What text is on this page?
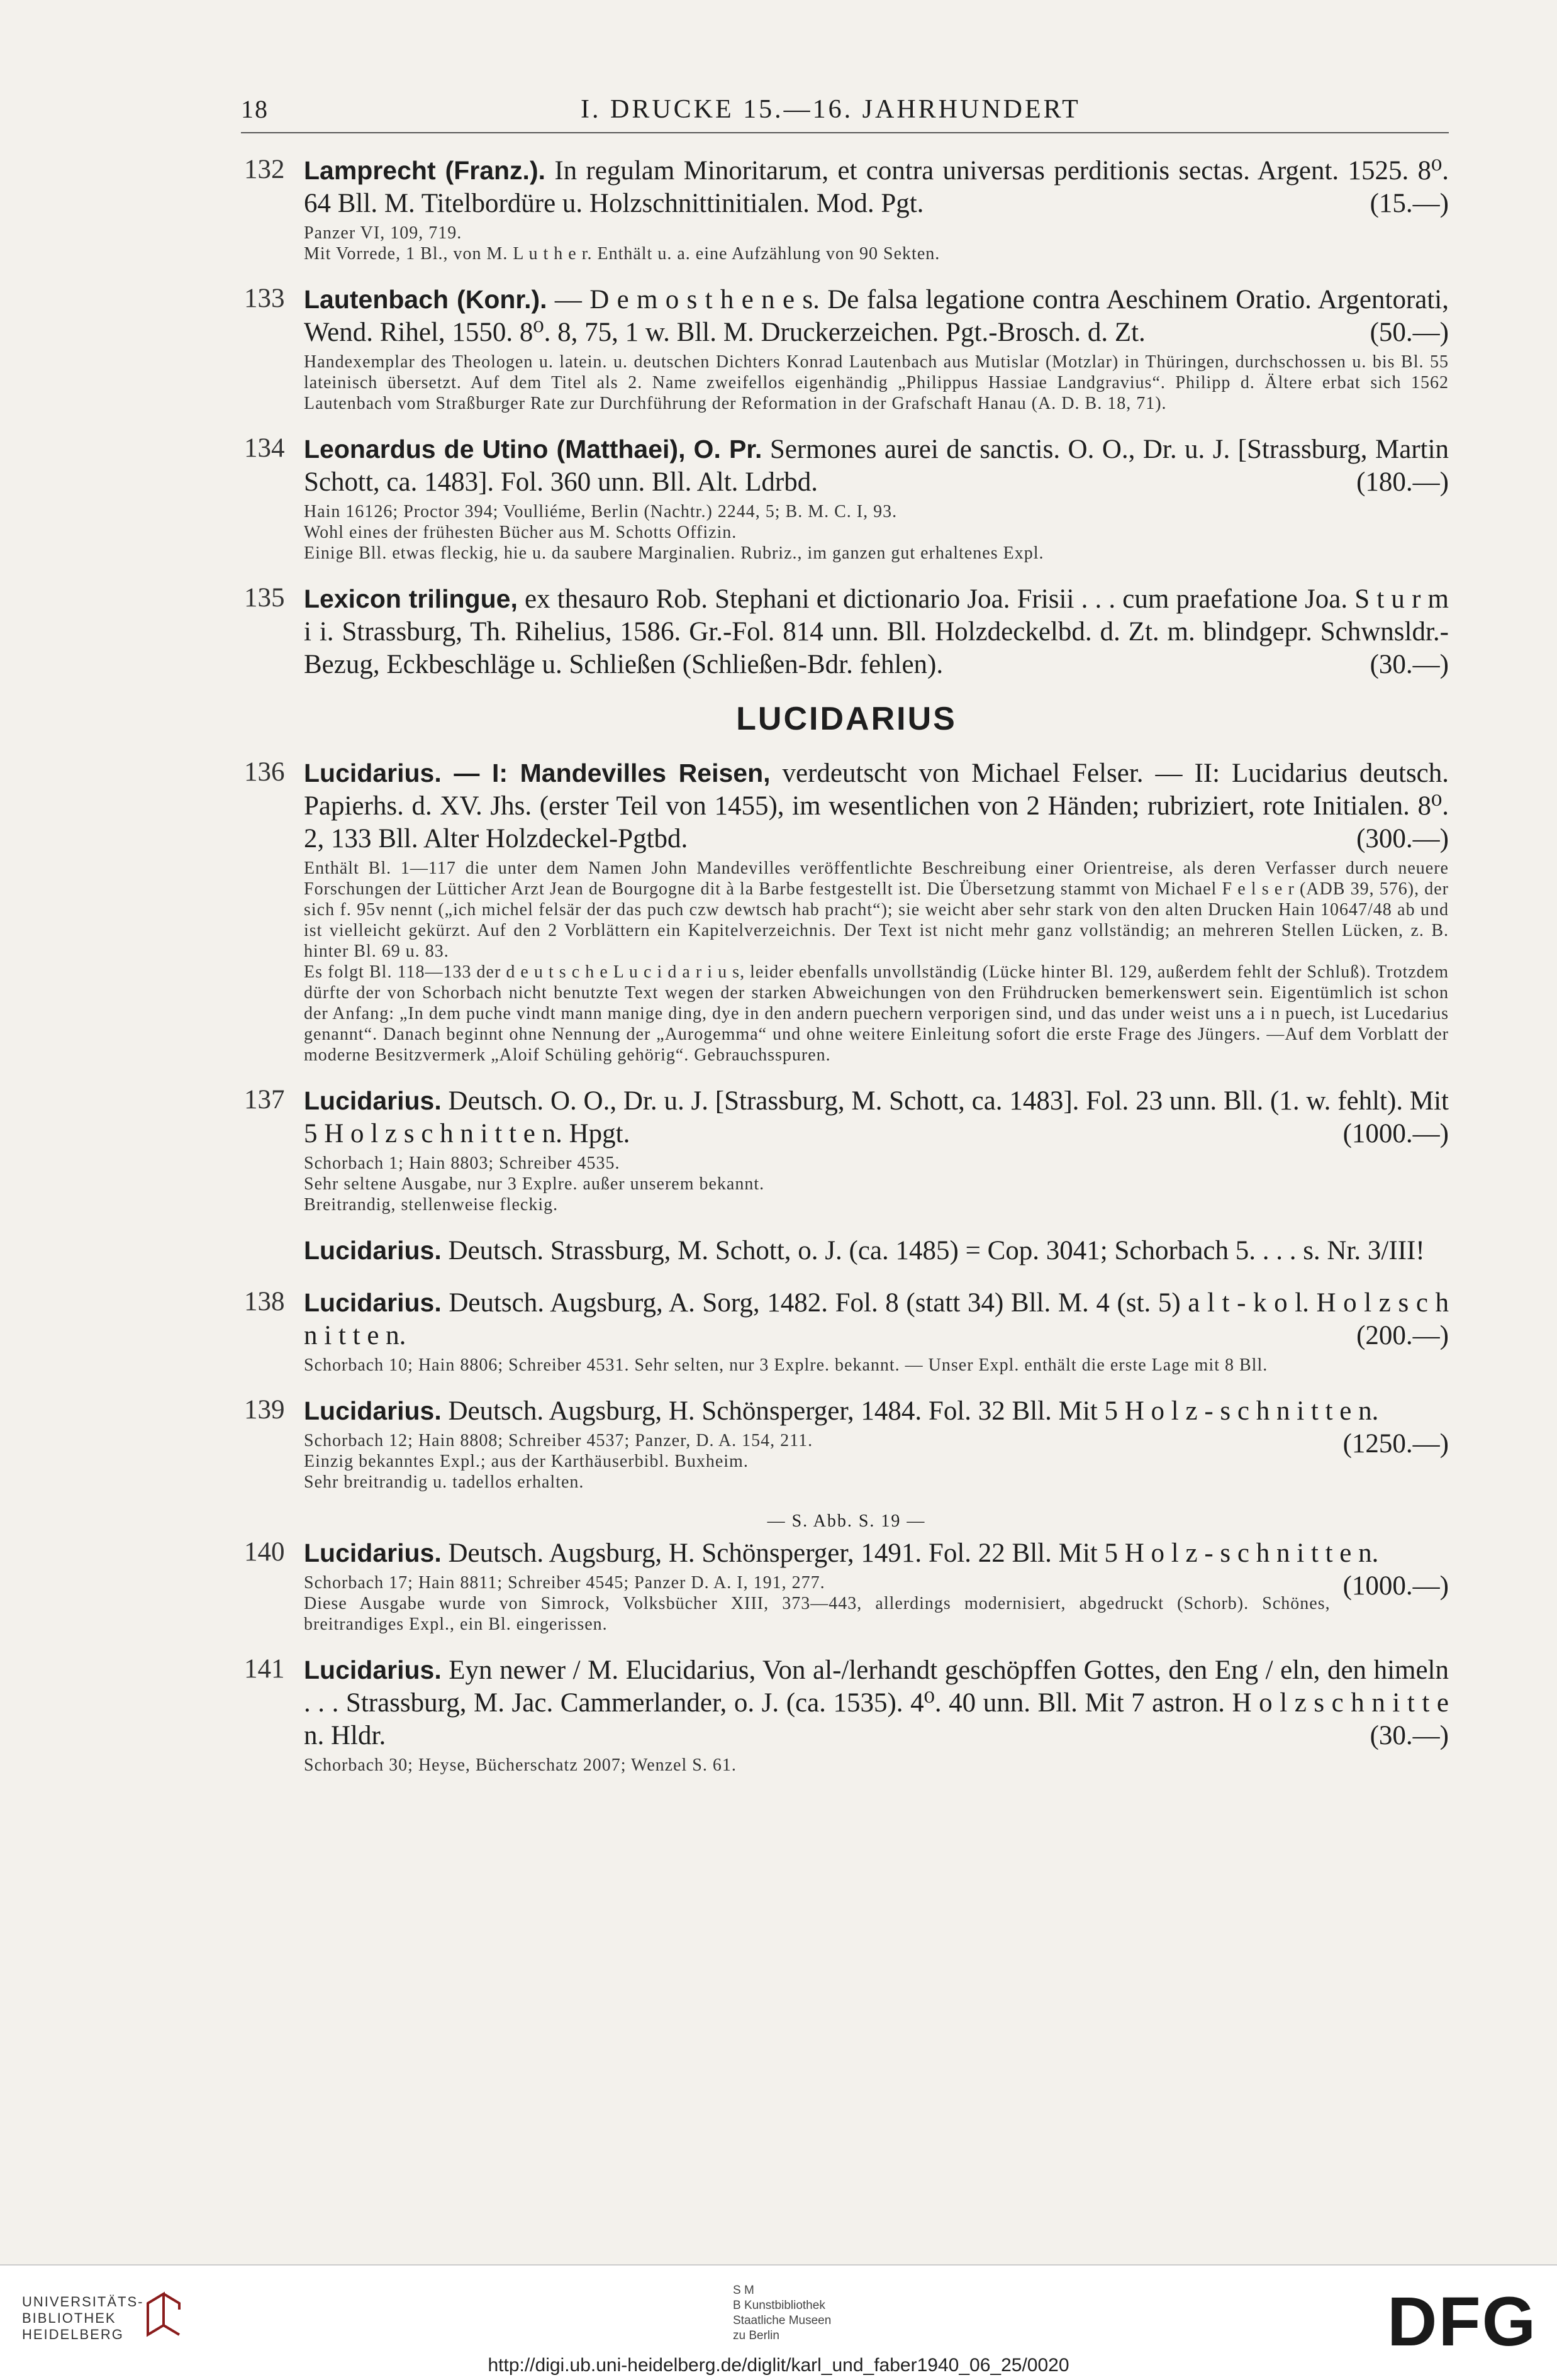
18	I. DRUCKE 15.—16. JAHRHUNDERT
132 Lamprecht (Franz.). In regulam Minoritarum, et contra universas perditionis sectas. Argent. 1525. 8⁰. 64 Bll. M. Titelbordüre u. Holzschnittinitialen. Mod. Pgt.	(15.—)
Panzer VI, 109, 719.
Mit Vorrede, 1 Bl., von M. L u t h e r. Enthält u. a. eine Aufzählung von 90 Sekten.
133 Lautenbach (Konr.). — D e m o s t h e n e s. De falsa legatione contra Aeschinem Oratio. Argentorati, Wend. Rihel, 1550. 8⁰. 8, 75, 1 w. Bll. M. Druckerzeichen. Pgt.-Brosch. d. Zt.	(50.—)
Handexemplar des Theologen u. latein. u. deutschen Dichters Konrad Lautenbach aus Mutislar (Motzlar) in Thüringen, durchschossen u. bis Bl. 55 lateinisch übersetzt. Auf dem Titel als 2. Name zweifellos eigenhändig „Philippus Hassiae Landgravius“. Philipp d. Ältere erbat sich 1562 Lautenbach vom Straßburger Rate zur Durchführung der Reformation in der Grafschaft Hanau (A. D. B. 18, 71).
134 Leonardus de Utino (Matthaei), O. Pr. Sermones aurei de sanctis. O. O., Dr. u. J. [Strassburg, Martin Schott, ca. 1483]. Fol. 360 unn. Bll. Alt. Ldrbd.	(180.—)
Hain 16126; Proctor 394; Voulliéme, Berlin (Nachtr.) 2244, 5; B. M. C. I, 93.
Wohl eines der frühesten Bücher aus M. Schotts Offizin.
Einige Bll. etwas fleckig, hie u. da saubere Marginalien. Rubriz., im ganzen gut erhaltenes Expl.
135 Lexicon trilingue, ex thesauro Rob. Stephani et dictionario Joa. Frisii . . . cum praefatione Joa. S t u r m i i. Strassburg, Th. Rihelius, 1586. Gr.-Fol. 814 unn. Bll. Holzdeckelbd. d. Zt. m. blindgepr. Schwnsldr.-Bezug, Eckbeschläge u. Schließen (Schließen-Bdr. fehlen).	(30.—)
LUCIDARIUS
136 Lucidarius. — I: Mandevilles Reisen, verdeutscht von Michael Felser. — II: Lucidarius deutsch. Papierhs. d. XV. Jhs. (erster Teil von 1455), im wesentlichen von 2 Händen; rubriziert, rote Initialen. 8⁰. 2, 133 Bll. Alter Holzdeckel-Pgtbd.	(300.—)
Enthält Bl. 1—117 die unter dem Namen John Mandevilles veröffentlichte Beschreibung einer Orientreise, als deren Verfasser durch neuere Forschungen der Lütticher Arzt Jean de Bourgogne dit à la Barbe festgestellt ist. Die Übersetzung stammt von Michael F e l s e r (ADB 39, 576), der sich f. 95v nennt („ich michel felsär der das puch czw dewtsch hab pracht“); sie weicht aber sehr stark von den alten Drucken Hain 10647/48 ab und ist vielleicht gekürzt. Auf den 2 Vorblättern ein Kapitelverzeichnis. Der Text ist nicht mehr ganz vollständig; an mehreren Stellen Lücken, z. B. hinter Bl. 69 u. 83.
Es folgt Bl. 118—133 der d e u t s c h e L u c i d a r i u s, leider ebenfalls unvollständig (Lücke hinter Bl. 129, außerdem fehlt der Schluß). Trotzdem dürfte der von Schorbach nicht benutzte Text wegen der starken Abweichungen von den Frühdrucken bemerkenswert sein. Eigentümlich ist schon der Anfang: „In dem puche vindt mann manige ding, dye in den andern puechern verporigen sind, und das under weist uns a i n puech, ist Lucedarius genannt“. Danach beginnt ohne Nennung der „Aurogemma“ und ohne weitere Einleitung sofort die erste Frage des Jüngers. —Auf dem Vorblatt der moderne Besitzvermerk „Aloif Schüling gehörig“. Gebrauchsspuren.
137 Lucidarius. Deutsch. O. O., Dr. u. J. [Strassburg, M. Schott, ca. 1483]. Fol. 23 unn. Bll. (1. w. fehlt). Mit 5 H o l z s c h n i t t e n. Hpgt.	(1000.—)
Schorbach 1; Hain 8803; Schreiber 4535.
Sehr seltene Ausgabe, nur 3 Explre. außer unserem bekannt.
Breitrandig, stellenweise fleckig.
Lucidarius. Deutsch. Strassburg, M. Schott, o. J. (ca. 1485) = Cop. 3041; Schorbach 5. . . . s. Nr. 3/III!
138 Lucidarius. Deutsch. Augsburg, A. Sorg, 1482. Fol. 8 (statt 34) Bll. M. 4 (st. 5) a l t - k o l. H o l z s c h n i t t e n.	(200.—)
Schorbach 10; Hain 8806; Schreiber 4531. Sehr selten, nur 3 Explre. bekannt. — Unser Expl. enthält die erste Lage mit 8 Bll.
139 Lucidarius. Deutsch. Augsburg, H. Schönsperger, 1484. Fol. 32 Bll. Mit 5 H o l z - s c h n i t t e n.
(1250.—)
Schorbach 12; Hain 8808; Schreiber 4537; Panzer, D. A. 154, 211.
Einzig bekanntes Expl.; aus der Karthäuserbibl. Buxheim.
Sehr breitrandig u. tadellos erhalten.
— S. Abb. S. 19 —
140 Lucidarius. Deutsch. Augsburg, H. Schönsperger, 1491. Fol. 22 Bll. Mit 5 H o l z - s c h n i t t e n.
(1000.—)
Schorbach 17; Hain 8811; Schreiber 4545; Panzer D. A. I, 191, 277.
Diese Ausgabe wurde von Simrock, Volksbücher XIII, 373—443, allerdings modernisiert, abgedruckt (Schorb). Schönes, breitrandiges Expl., ein Bl. eingerissen.
141 Lucidarius. Eyn newer / M. Elucidarius, Von al-/lerhandt geschöpffen Gottes, den Eng / eln, den himeln . . . Strassburg, M. Jac. Cammerlander, o. J. (ca. 1535). 4⁰. 40 unn. Bll. Mit 7 astron. H o l z s c h n i t t e n. Hldr.	(30.—)
Schorbach 30; Heyse, Bücherschatz 2007; Wenzel S. 61.
UNIVERSITÄTS-
BIBLIOTHEK
HEIDELBERG
S M
B Kunstbibliothek
Staatliche Museen
zu Berlin	DFG
http://digi.ub.uni-heidelberg.de/diglit/karl_und_faber1940_06_25/0020
